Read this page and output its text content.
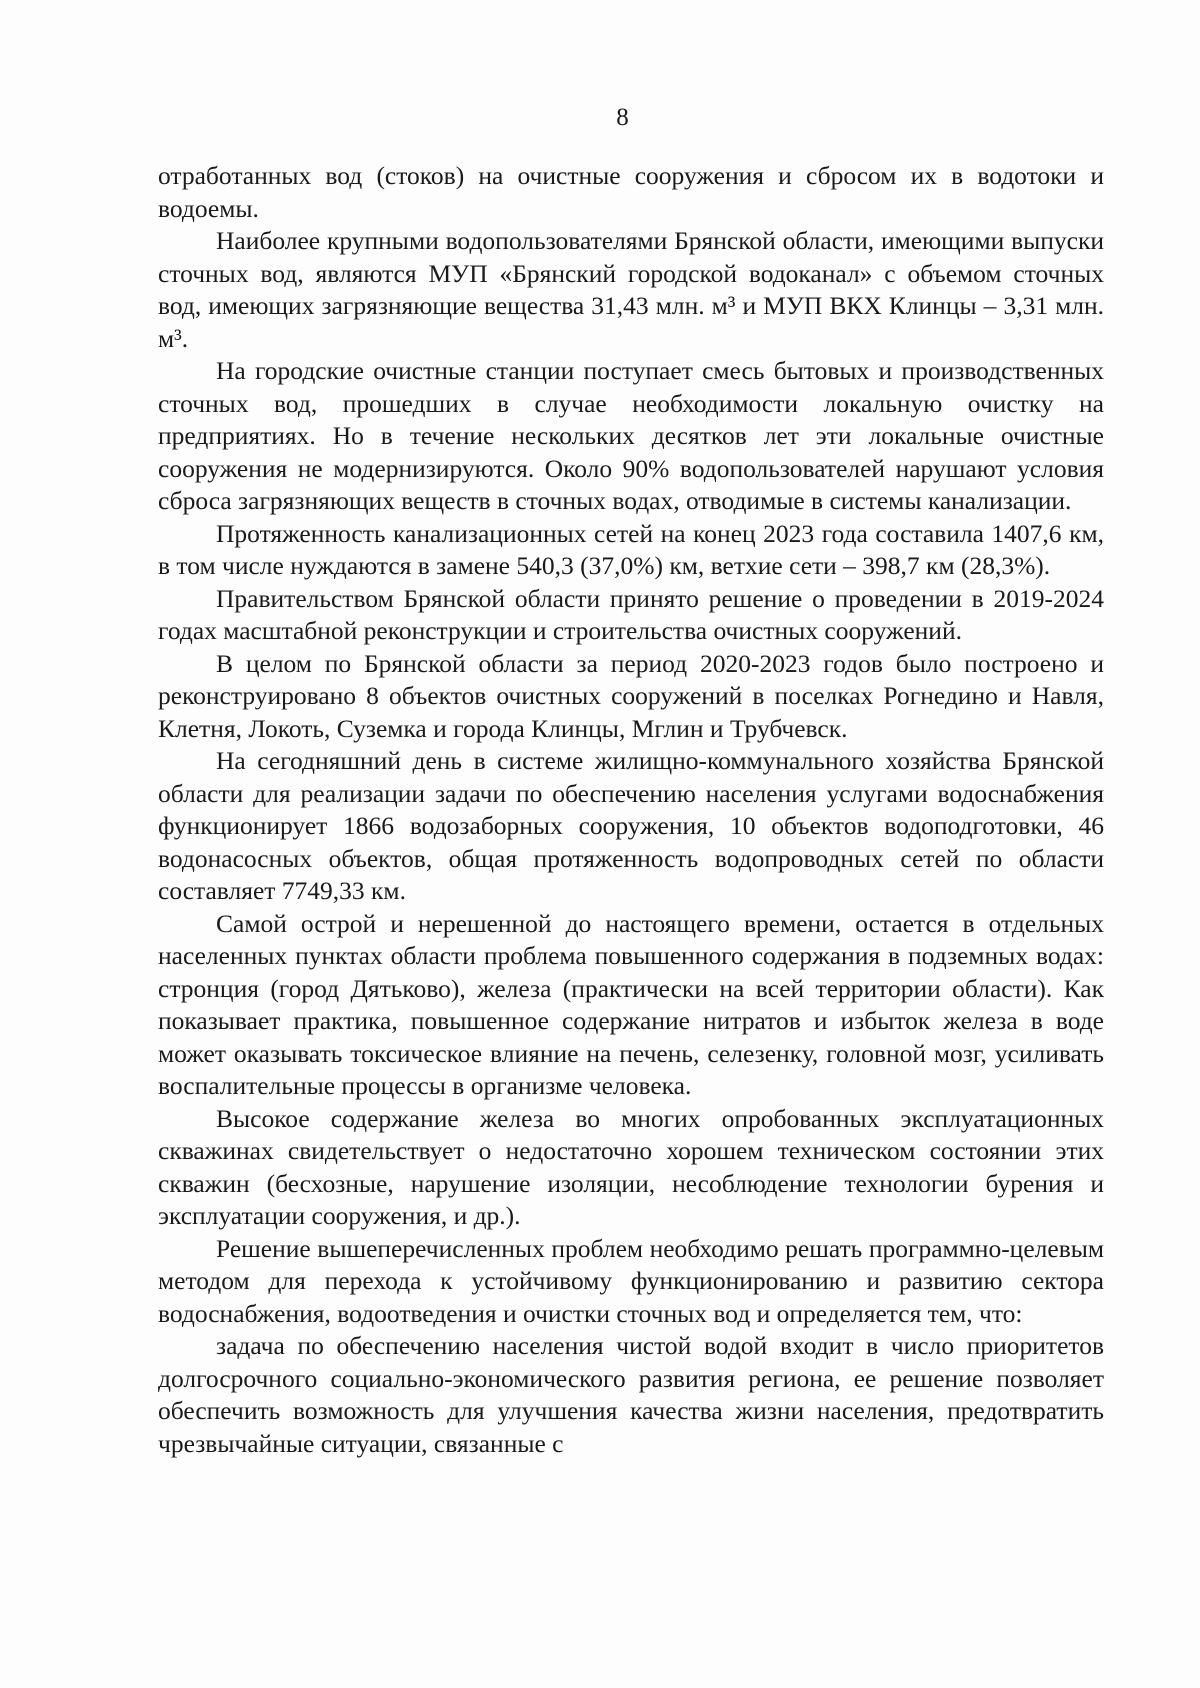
8

отработанных вод (стоков) на очистные сооружения и сбросом их в водотоки и водоемы.

Наиболее крупными водопользователями Брянской области, имеющими выпуски сточных вод, являются МУП «Брянский городской водоканал» с объемом сточных вод, имеющих загрязняющие вещества 31,43 млн. м³ и МУП ВКХ Клинцы – 3,31 млн. м³.

На городские очистные станции поступает смесь бытовых и производственных сточных вод, прошедших в случае необходимости локальную очистку на предприятиях. Но в течение нескольких десятков лет эти локальные очистные сооружения не модернизируются. Около 90% водопользователей нарушают условия сброса загрязняющих веществ в сточных водах, отводимые в системы канализации.

Протяженность канализационных сетей на конец 2023 года составила 1407,6 км, в том числе нуждаются в замене 540,3 (37,0%) км, ветхие сети – 398,7 км (28,3%).

Правительством Брянской области принято решение о проведении в 2019-2024 годах масштабной реконструкции и строительства очистных сооружений.

В целом по Брянской области за период 2020-2023 годов было построено и реконструировано 8 объектов очистных сооружений в поселках Рогнедино и Навля, Клетня, Локоть, Суземка и города Клинцы, Мглин и Трубчевск.

На сегодняшний день в системе жилищно-коммунального хозяйства Брянской области для реализации задачи по обеспечению населения услугами водоснабжения функционирует 1866 водозаборных сооружения, 10 объектов водоподготовки, 46 водонасосных объектов, общая протяженность водопроводных сетей по области составляет 7749,33 км.

Самой острой и нерешенной до настоящего времени, остается в отдельных населенных пунктах области проблема повышенного содержания в подземных водах: стронция (город Дятьково), железа (практически на всей территории области). Как показывает практика, повышенное содержание нитратов и избыток железа в воде может оказывать токсическое влияние на печень, селезенку, головной мозг, усиливать воспалительные процессы в организме человека.

Высокое содержание железа во многих опробованных эксплуатационных скважинах свидетельствует о недостаточно хорошем техническом состоянии этих скважин (бесхозные, нарушение изоляции, несоблюдение технологии бурения и эксплуатации сооружения, и др.).

Решение вышеперечисленных проблем необходимо решать программно-целевым методом для перехода к устойчивому функционированию и развитию сектора водоснабжения, водоотведения и очистки сточных вод и определяется тем, что:

задача по обеспечению населения чистой водой входит в число приоритетов долгосрочного социально-экономического развития региона, ее решение позволяет обеспечить возможность для улучшения качества жизни населения, предотвратить чрезвычайные ситуации, связанные с
